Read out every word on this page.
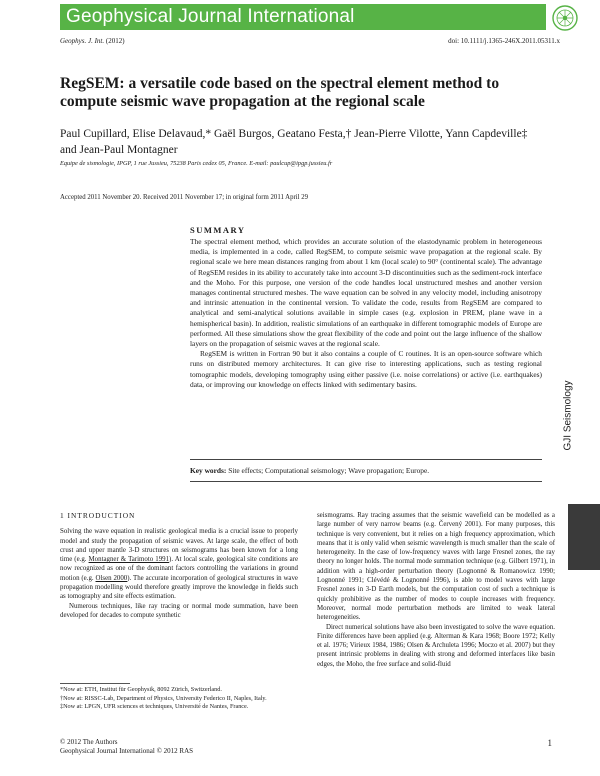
Geophysical Journal International
Geophys. J. Int. (2012)	doi: 10.1111/j.1365-246X.2011.05311.x
RegSEM: a versatile code based on the spectral element method to compute seismic wave propagation at the regional scale
Paul Cupillard, Elise Delavaud,* Gaël Burgos, Geatano Festa,† Jean-Pierre Vilotte, Yann Capdeville‡ and Jean-Paul Montagner
Equipe de sismologie, IPGP, 1 rue Jussieu, 75238 Paris cedex 05, France. E-mail: paulcup@ipgp.jussieu.fr
Accepted 2011 November 20. Received 2011 November 17; in original form 2011 April 29
SUMMARY

The spectral element method, which provides an accurate solution of the elastodynamic problem in heterogeneous media, is implemented in a code, called RegSEM, to compute seismic wave propagation at the regional scale. By regional scale we here mean distances ranging from about 1 km (local scale) to 90° (continental scale). The advantage of RegSEM resides in its ability to accurately take into account 3-D discontinuities such as the sediment-rock interface and the Moho. For this purpose, one version of the code handles local unstructured meshes and another version manages continental structured meshes. The wave equation can be solved in any velocity model, including anisotropy and intrinsic attenuation in the continental version. To validate the code, results from RegSEM are compared to analytical and semi-analytical solutions available in simple cases (e.g. explosion in PREM, plane wave in a hemispherical basin). In addition, realistic simulations of an earthquake in different tomographic models of Europe are performed. All these simulations show the great flexibility of the code and point out the large influence of the shallow layers on the propagation of seismic waves at the regional scale.

RegSEM is written in Fortran 90 but it also contains a couple of C routines. It is an open-source software which runs on distributed memory architectures. It can give rise to interesting applications, such as testing regional tomographic models, developing tomography using either passive (i.e. noise correlations) or active (i.e. earthquakes) data, or improving our knowledge on effects linked with sedimentary basins.

Key words: Site effects; Computational seismology; Wave propagation; Europe.
GJI Seismology
1 INTRODUCTION

Solving the wave equation in realistic geological media is a crucial issue to properly model and study the propagation of seismic waves. At large scale, the effect of both crust and upper mantle 3-D structures on seismograms has been known for a long time (e.g. Montagner & Tarimoto 1991). At local scale, geological site conditions are now recognized as one of the dominant factors controlling the variations in ground motion (e.g. Olsen 2000). The accurate incorporation of geological structures in wave propagation modelling would therefore greatly improve the knowledge in fields such as tomography and site effects estimation.

Numerous techniques, like ray tracing or normal mode summation, have been developed for decades to compute synthetic

seismograms. Ray tracing assumes that the seismic wavefield can be modelled as a large number of very narrow beams (e.g. Červený 2001). For many purposes, this technique is very convenient, but it relies on a high frequency approximation, which means that it is only valid when seismic wavelength is much smaller than the scale of heterogeneity. In the case of low-frequency waves with large Fresnel zones, the ray theory no longer holds. The normal mode summation technique (e.g. Gilbert 1971), in addition with a high-order perturbation theory (Lognonné & Romanowicz 1990; Lognonné 1991; Clévédé & Lognonné 1996), is able to model waves with large Fresnel zones in 3-D Earth models, but the computation cost of such a technique is quickly prohibitive as the number of modes to couple increases with frequency. Moreover, normal mode perturbation methods are limited to weak lateral heterogeneities.

Direct numerical solutions have also been investigated to solve the wave equation. Finite differences have been applied (e.g. Alterman & Kara 1968; Boore 1972; Kelly et al. 1976; Virieux 1984, 1986; Olsen & Archuleta 1996; Moczo et al. 2007) but they present intrinsic problems in dealing with strong and deformed interfaces like basin edges, the Moho, the free surface and solid-fluid

*Now at: ETH, Institut für Geophysik, 8092 Zürich, Switzerland.
†Now at: RISSC-Lab, Department of Physics, University Federico II, Naples, Italy.
‡Now at: LPGN, UFR sciences et techniques, Université de Nantes, France.
© 2012 The Authors
Geophysical Journal International © 2012 RAS
1
